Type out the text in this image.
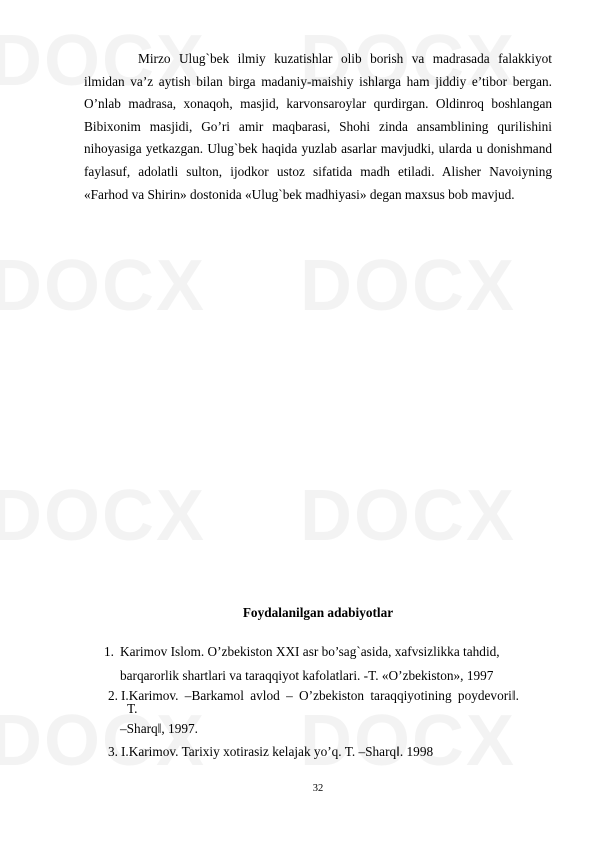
Mirzo Ulug`bek ilmiy kuzatishlar olib borish va madrasada falakkiyot ilmidan va’z aytish bilan birga madaniy-maishiy ishlarga ham jiddiy e’tibor bergan. O’nlab madrasa, xonaqoh, masjid, karvonsaroylar qurdirgan. Oldinroq boshlangan Bibixonim masjidi, Go’ri amir maqbarasi, Shohi zinda ansamblining qurilishini nihoyasiga yetkazgan. Ulug`bek haqida yuzlab asarlar mavjudki, ularda u donishmand faylasuf, adolatli sulton, ijodkor ustoz sifatida madh etiladi. Alisher Navoiyning «Farhod va Shirin» dostonida «Ulug`bek madhiyasi» degan maxsus bob mavjud.

Foydalanilgan adabiyotlar
1. Karimov Islom. O’zbekiston XXI asr bo’sag`asida, xafvsizlikka tahdid,
barqarorlik shartlari va taraqqiyot kafolatlari. -T. «O’zbekiston», 1997
2. I.Karimov. ‒Barkamol avlod ‒ O’zbekiston taraqqiyotining poydevori‖.
T.
‒Sharq‖, 1997.
3. I.Karimov. Tarixiy xotirasiz kelajak yo’q. T. ‒Sharq‖. 1998
32
